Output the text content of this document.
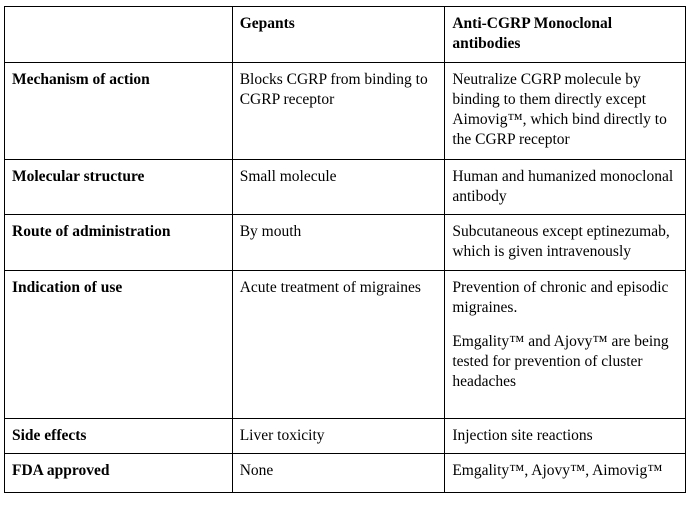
	Gepants	Anti-CGRP Monoclonal antibodies
Mechanism of action	Blocks CGRP from binding to CGRP receptor	Neutralize CGRP molecule by binding to them directly except Aimovig™, which bind directly to the CGRP receptor

Molecular structure	Small molecule	Human and humanized monoclonal antibody

Route of administration	By mouth	Subcutaneous except eptinezumab, which is given intravenously

Indication of use	Acute treatment of migraines	Prevention of chronic and episodic migraines.

Emgality™ and Ajovy™ are being tested for prevention of cluster headaches

Side effects	Liver toxicity	Injection site reactions

FDA approved	None	Emgality™, Ajovy™, Aimovig™
